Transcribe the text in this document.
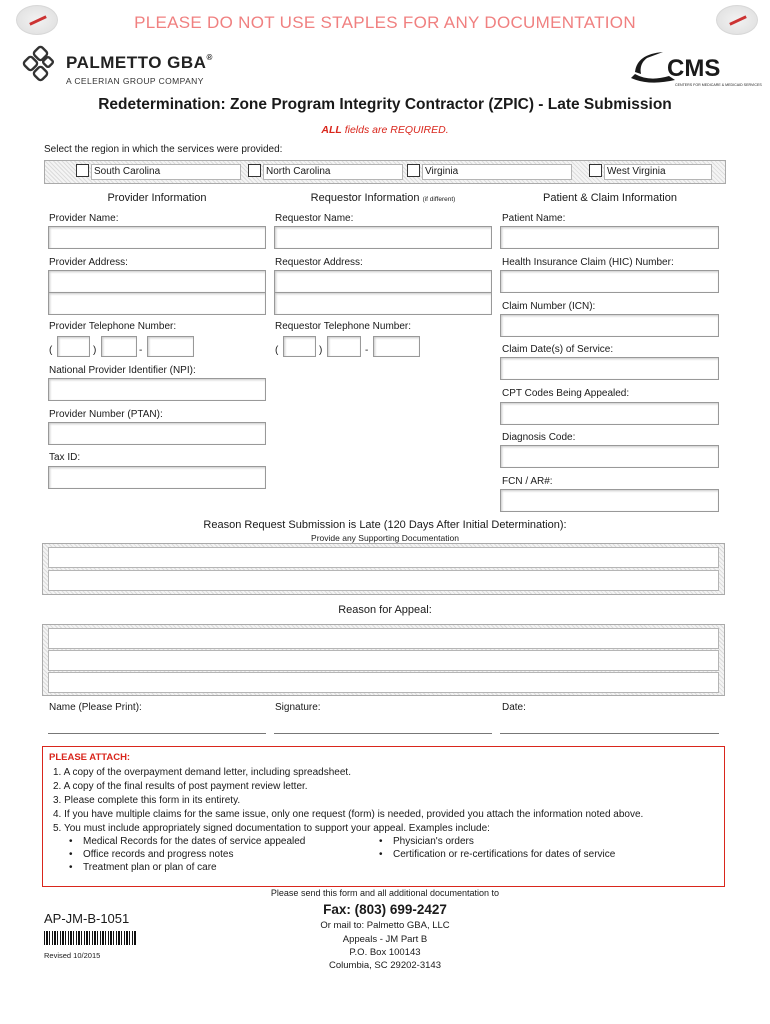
PLEASE DO NOT USE STAPLES FOR ANY DOCUMENTATION
PALMETTO GBA®
A CELERIAN GROUP COMPANY	CMS
CENTERS FOR MEDICARE & MEDICAID SERVICES
Redetermination: Zone Program Integrity Contractor (ZPIC) - Late Submission
ALL fields are REQUIRED.
Select the region in which the services were provided:
South Carolina	North Carolina	Virginia	West Virginia
Provider Information	Requestor Information (if different)	Patient & Claim Information
Provider Name:
Provider Address:
Provider Telephone Number:
(	)	-
National Provider Identifier (NPI):
Provider Number (PTAN):
Tax ID:
Requestor Name:
Requestor Address:
Requestor Telephone Number:
(	)	-
Patient Name:
Health Insurance Claim (HIC) Number:
Claim Number (ICN):
Claim Date(s) of Service:
CPT Codes Being Appealed:
Diagnosis Code:
FCN / AR#:
Reason Request Submission is Late (120 Days After Initial Determination):
Provide any Supporting Documentation
Reason for Appeal:
Name (Please Print):	Signature:	Date:
PLEASE ATTACH:
1. A copy of the overpayment demand letter, including spreadsheet.
2. A copy of the final results of post payment review letter.
3. Please complete this form in its entirety.
4. If you have multiple claims for the same issue, only one request (form) is needed, provided you attach the information noted above.
5. You must include appropriately signed documentation to support your appeal. Examples include:
• Medical Records for the dates of service appealed
• Office records and progress notes
• Treatment plan or plan of care
• Physician's orders
• Certification or re-certifications for dates of service
Please send this form and all additional documentation to
Fax: (803) 699-2427
Or mail to: Palmetto GBA, LLC
Appeals - JM Part B
P.O. Box 100143
Columbia, SC 29202-3143
AP-JM-B-1051
Revised 10/2015
